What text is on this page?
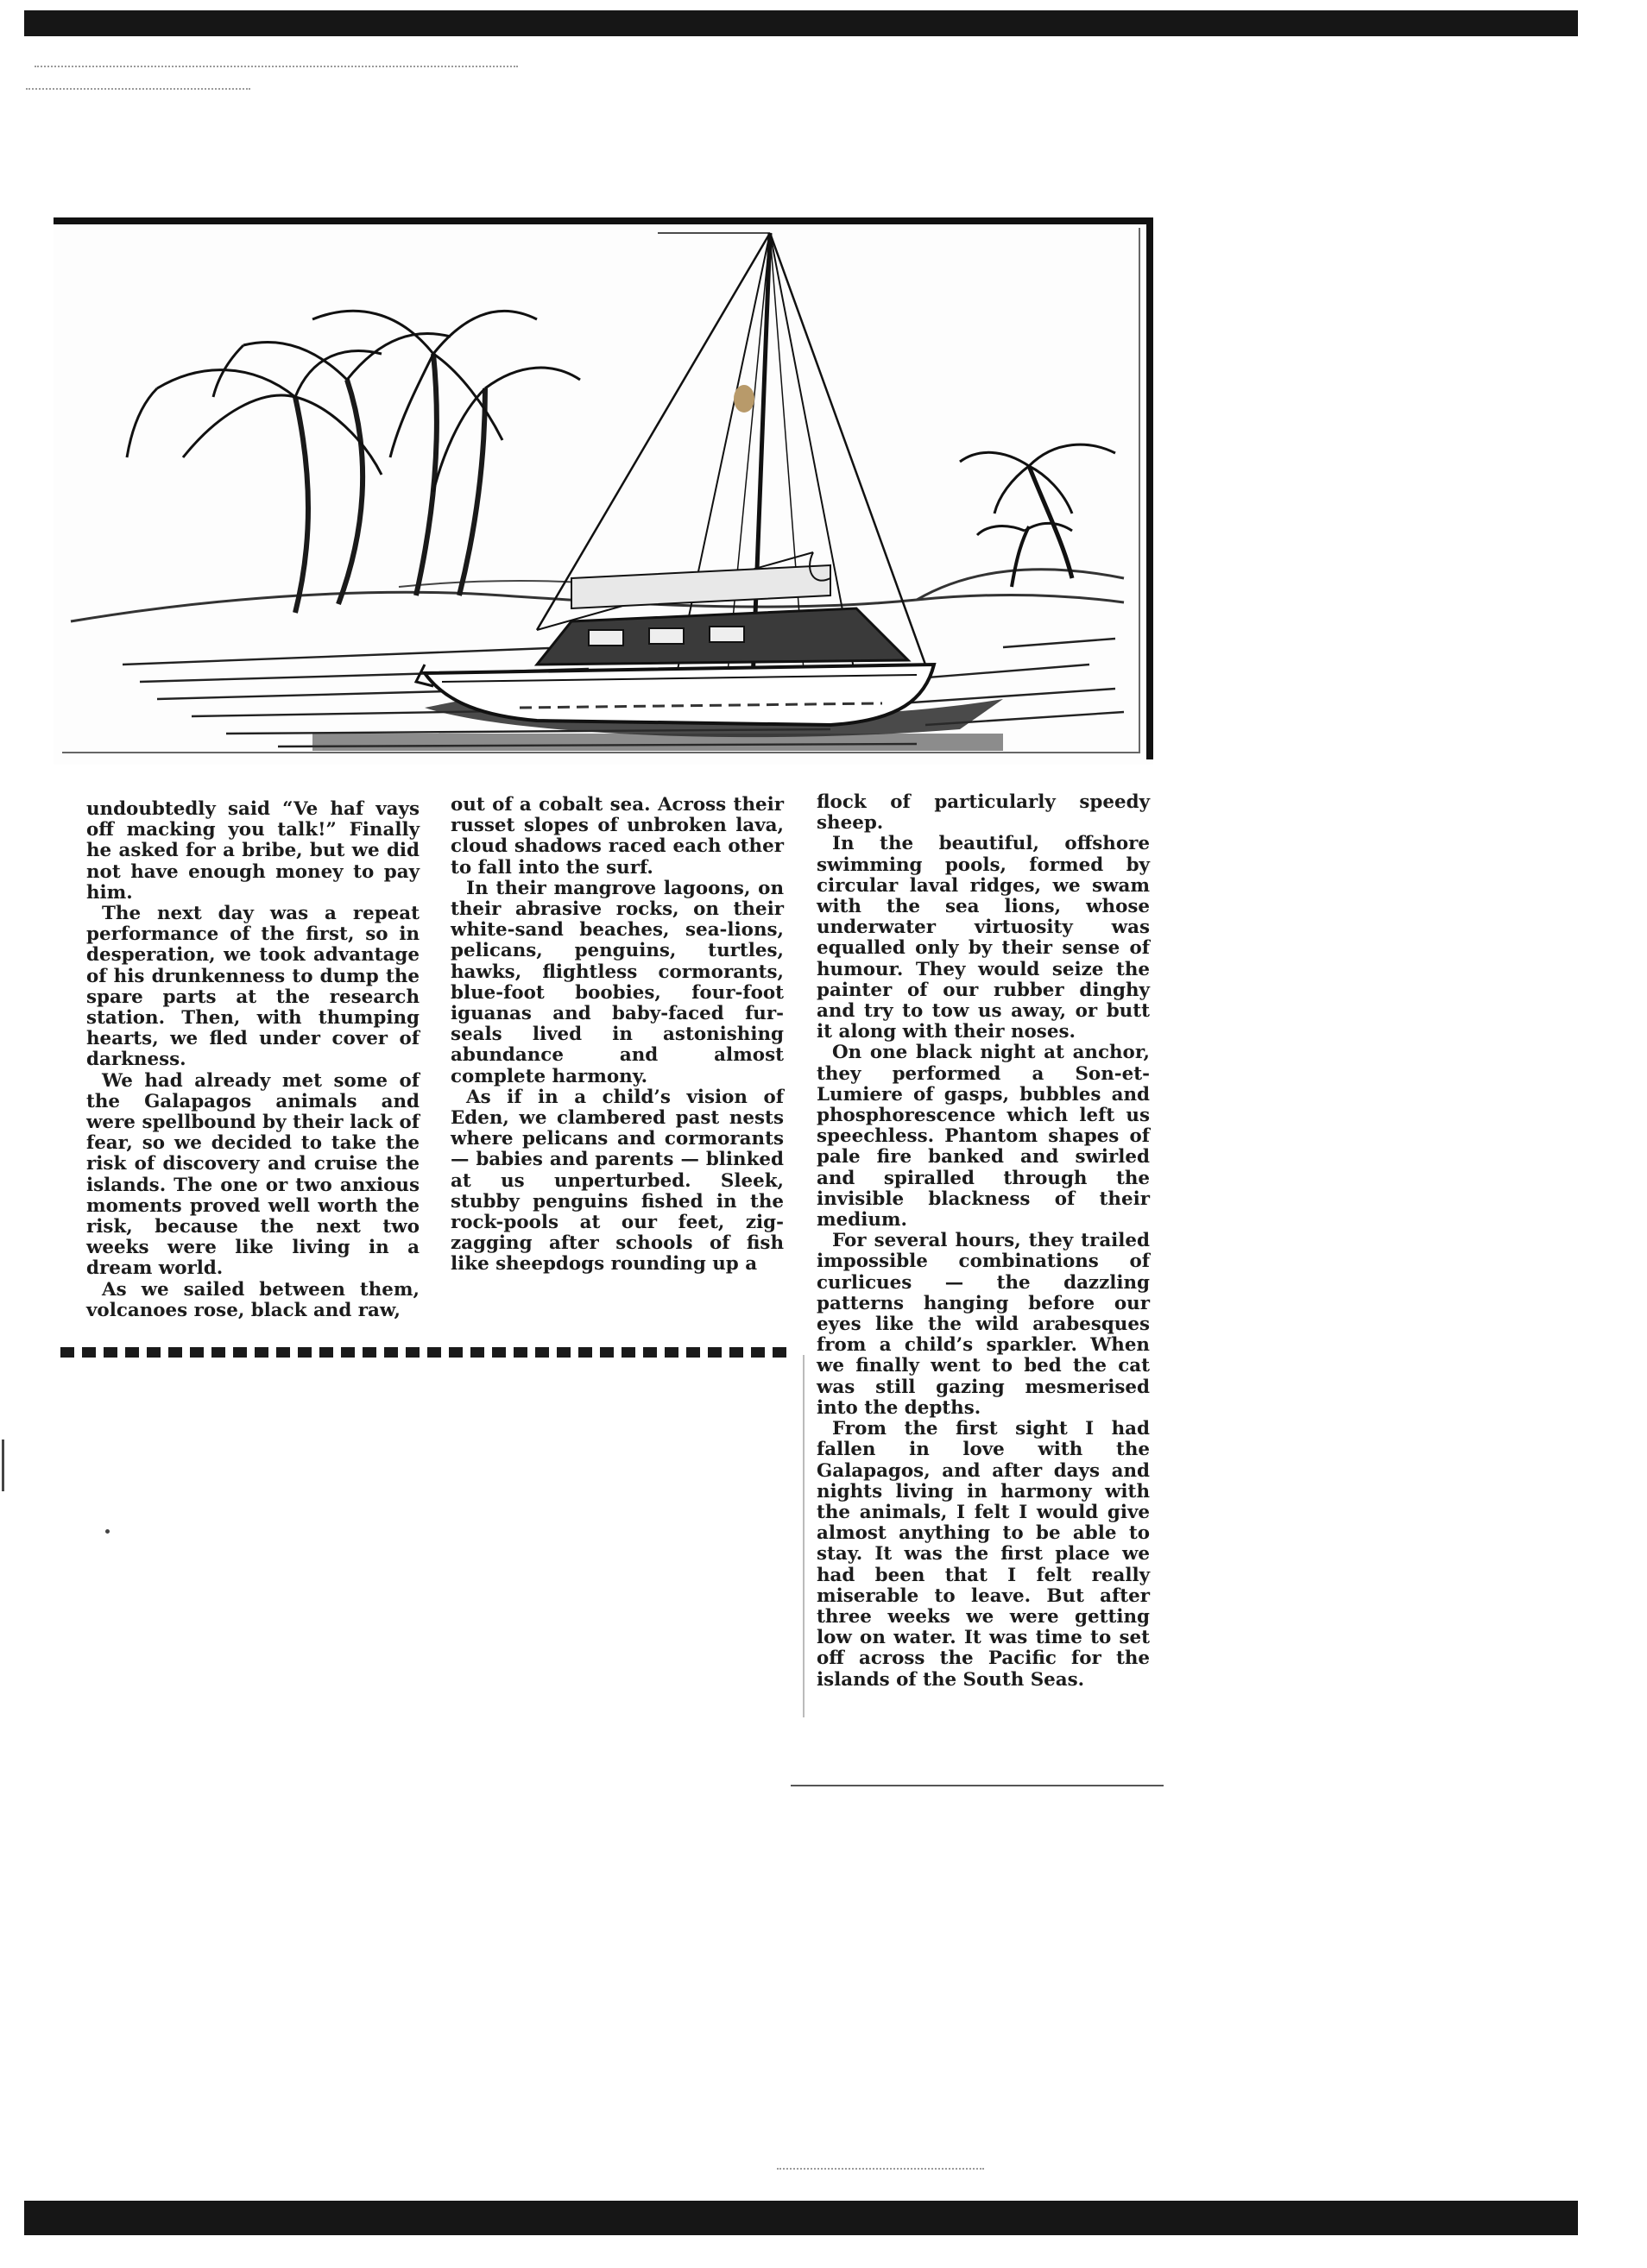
undoubtedly said “Ve haf vays off macking you talk!” Finally he asked for a bribe, but we did not have enough money to pay him.

The next day was a repeat performance of the first, so in desperation, we took advantage of his drunkenness to dump the spare parts at the research station. Then, with thumping hearts, we fled under cover of darkness.

We had already met some of the Galapagos animals and were spellbound by their lack of fear, so we decided to take the risk of discovery and cruise the islands. The one or two anxious moments proved well worth the risk, because the next two weeks were like living in a dream world.

As we sailed between them, volcanoes rose, black and raw,

out of a cobalt sea. Across their russet slopes of unbroken lava, cloud shadows raced each other to fall into the surf.

In their mangrove lagoons, on their abrasive rocks, on their white-sand beaches, sea-lions, pelicans, penguins, turtles, hawks, flightless cormorants, blue-foot boobies, four-foot iguanas and baby-faced fur-seals lived in astonishing abundance and almost complete harmony.

As if in a child’s vision of Eden, we clambered past nests where pelicans and cormorants — babies and parents — blinked at us unperturbed. Sleek, stubby penguins fished in the rock-pools at our feet, zig-zagging after schools of fish like sheepdogs rounding up a

flock of particularly speedy sheep.

In the beautiful, offshore swimming pools, formed by circular laval ridges, we swam with the sea lions, whose underwater virtuosity was equalled only by their sense of humour. They would seize the painter of our rubber dinghy and try to tow us away, or butt it along with their noses.

On one black night at anchor, they performed a Son-et-Lumiere of gasps, bubbles and phosphorescence which left us speechless. Phantom shapes of pale fire banked and swirled and spiralled through the invisible blackness of their medium.

For several hours, they trailed impossible combinations of curlicues — the dazzling patterns hanging before our eyes like the wild arabesques from a child’s sparkler. When we finally went to bed the cat was still gazing mesmerised into the depths.

From the first sight I had fallen in love with the Galapagos, and after days and nights living in harmony with the animals, I felt I would give almost anything to be able to stay. It was the first place we had been that I felt really miserable to leave. But after three weeks we were getting low on water. It was time to set off across the Pacific for the islands of the South Seas.
